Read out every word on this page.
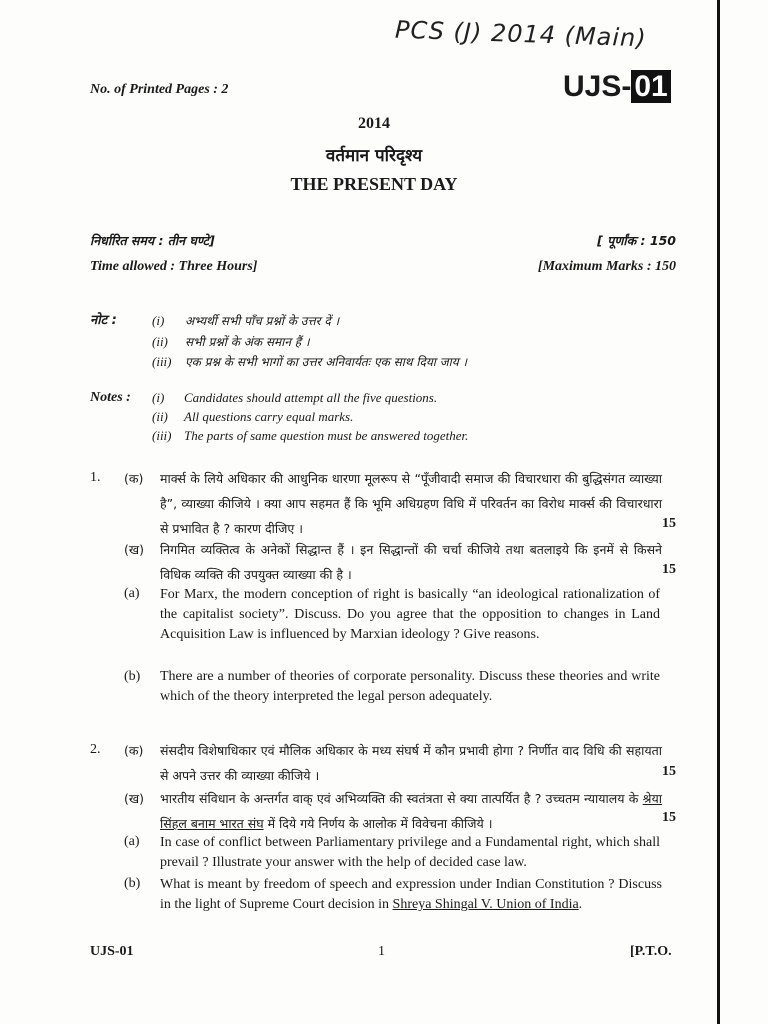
PCS (J) 2014 (Main)
No. of Printed Pages : 2	UJS- 01
2014
वर्तमान परिदृश्य
THE PRESENT DAY
निर्धारित समय : तीन घण्टे]	[ पूर्णांक : 150
Time allowed : Three Hours]	[Maximum Marks : 150
नोट :	(i) अभ्यर्थी सभी पाँच प्रश्नों के उत्तर दें ।
(ii) सभी प्रश्नों के अंक समान हैं ।
(iii) एक प्रश्न के सभी भागों का उत्तर अनिवार्यतः एक साथ दिया जाय ।
Notes : (i) Candidates should attempt all the five questions.
(ii) All questions carry equal marks.
(iii) The parts of same question must be answered together.
1. (क) मार्क्स के लिये अधिकार की आधुनिक धारणा मूलरूप से “पूँजीवादी समाज की विचारधारा की बुद्धिसंगत व्याख्या है”, व्याख्या कीजिये । क्या आप सहमत हैं कि भूमि अधिग्रहण विधि में परिवर्तन का विरोध मार्क्स की विचारधारा से प्रभावित है ? कारण दीजिए ।	15
(ख) निगमित व्यक्तित्व के अनेकों सिद्धान्त हैं । इन सिद्धान्तों की चर्चा कीजिये तथा बतलाइये कि इनमें से किसने विधिक व्यक्ति की उपयुक्त व्याख्या की है ।	15
(a) For Marx, the modern conception of right is basically “an ideological rationalization of the capitalist society”. Discuss. Do you agree that the opposition to changes in Land Acquisition Law is influenced by Marxian ideology ? Give reasons.
(b) There are a number of theories of corporate personality. Discuss these theories and write which of the theory interpreted the legal person adequately.
2. (क) संसदीय विशेषाधिकार एवं मौलिक अधिकार के मध्य संघर्ष में कौन प्रभावी होगा ? निर्णीत वाद विधि की सहायता से अपने उत्तर की व्याख्या कीजिये ।	15
(ख) भारतीय संविधान के अन्तर्गत वाक् एवं अभिव्यक्ति की स्वतंत्रता से क्या तात्पर्यित है ? उच्चतम न्यायालय के श्रेया सिंहल बनाम भारत संघ में दिये गये निर्णय के आलोक में विवेचना कीजिये ।	15
(a) In case of conflict between Parliamentary privilege and a Fundamental right, which shall prevail ? Illustrate your answer with the help of decided case law.
(b) What is meant by freedom of speech and expression under Indian Constitution ? Discuss in the light of Supreme Court decision in Shreya Shingal V. Union of India.
UJS-01	1	[P.T.O.
